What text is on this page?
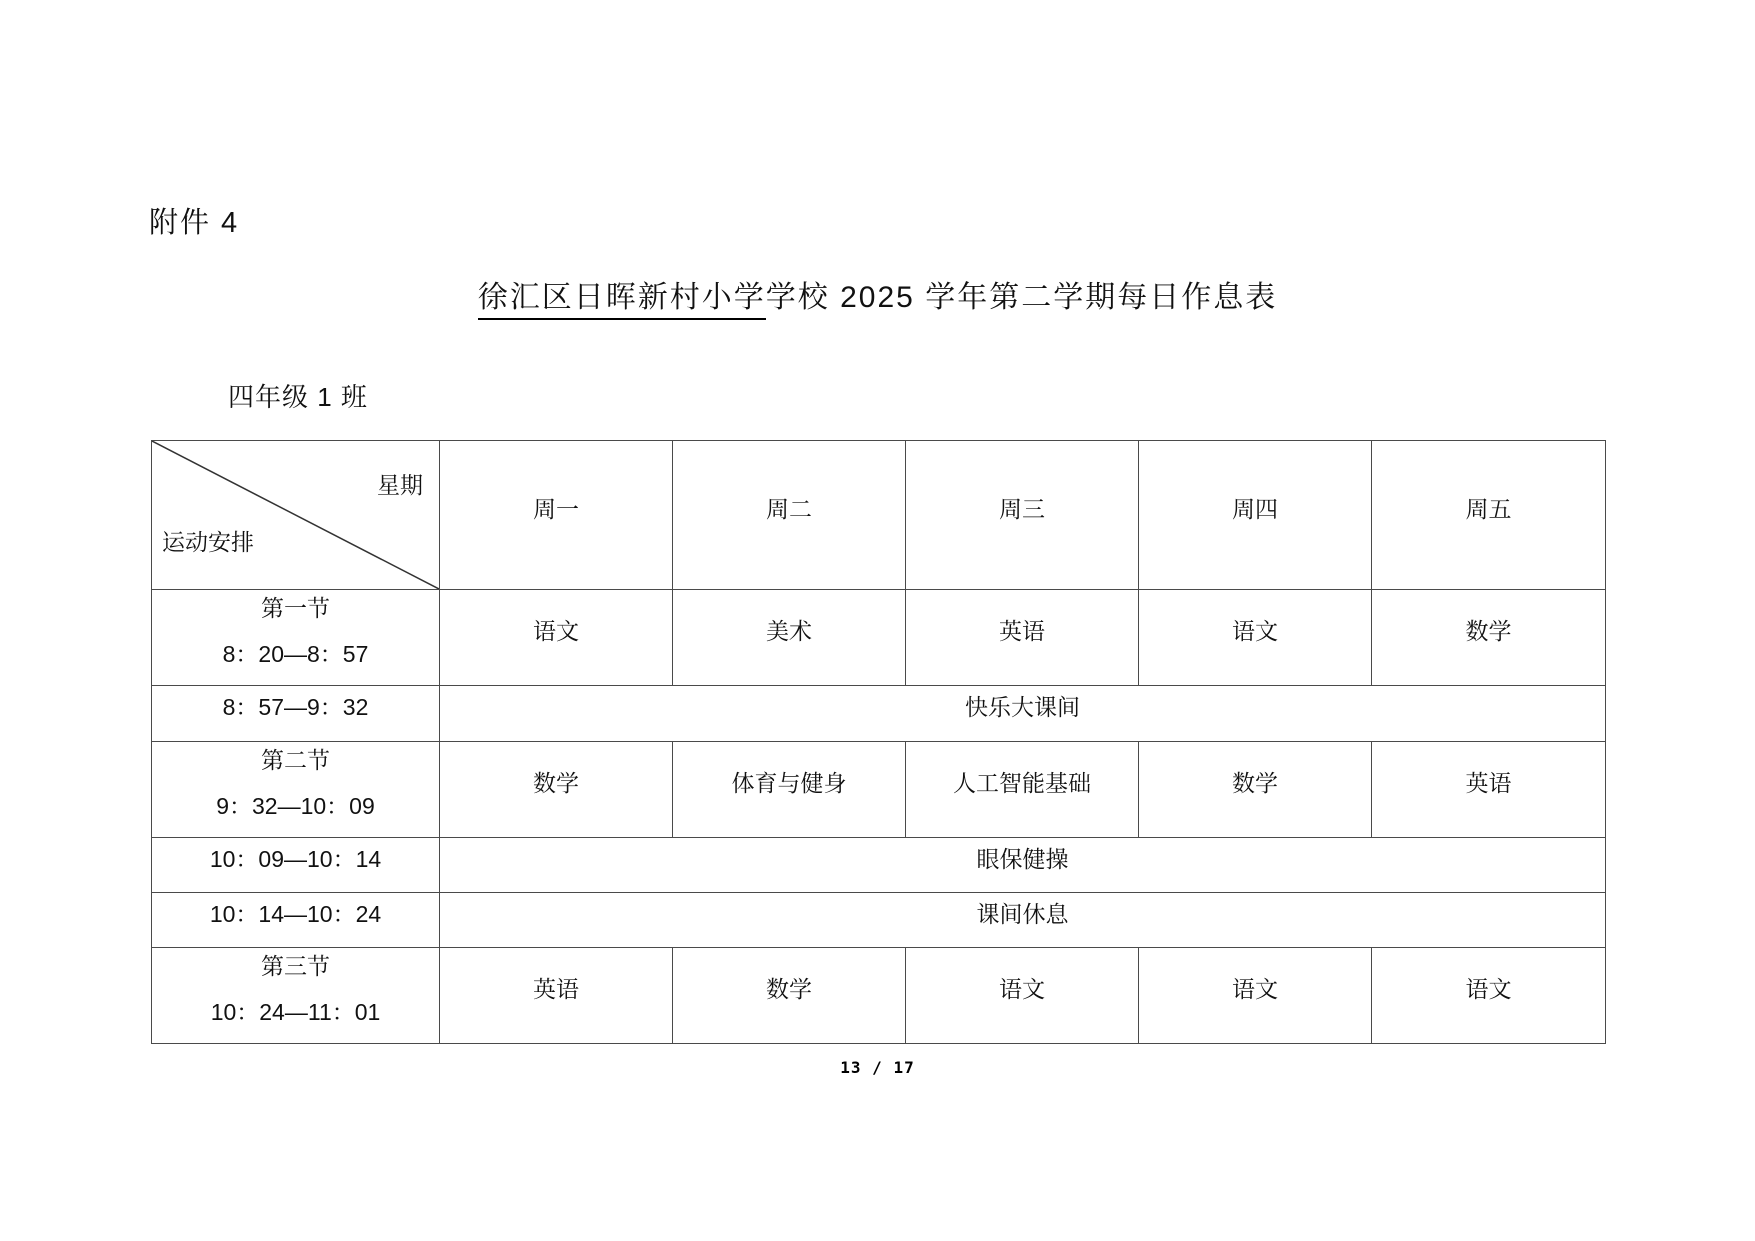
附件 4
徐汇区日晖新村小学学校 2025 学年第二学期每日作息表
四年级 1 班
星期
运动安排	周一	周二	周三	周四	周五

第一节
8：20—8：57	语文	美术	英语	语文	数学
8：57—9：32	快乐大课间				

第二节
9：32—10：09	数学	体育与健身	人工智能基础	数学	英语
10：09—10：14	眼保健操				
10：14—10：24	课间休息				

第三节
10：24—11：01	英语	数学	语文	语文	语文
13 / 17
